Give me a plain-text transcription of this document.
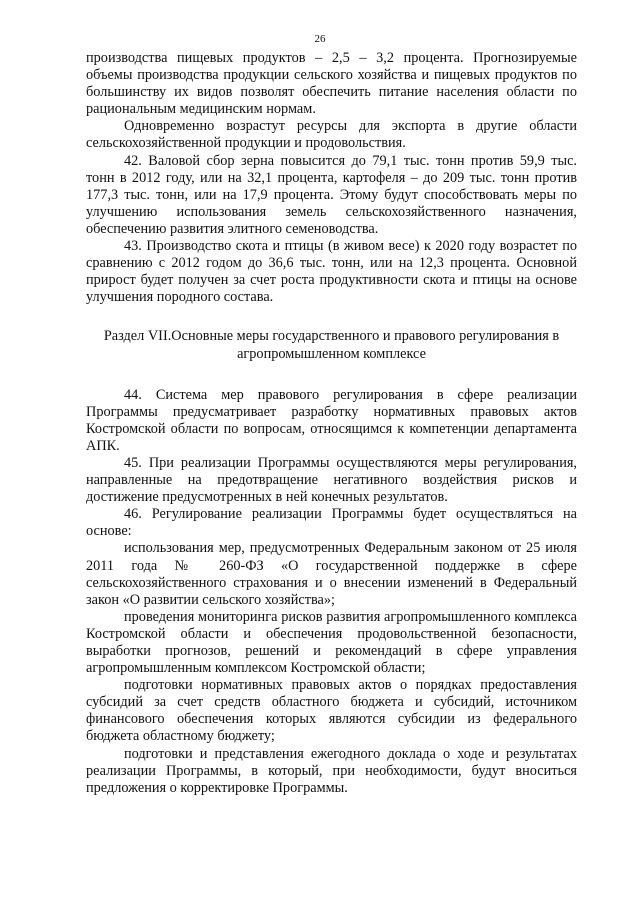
26

производства пищевых продуктов – 2,5 – 3,2 процента. Прогнозируемые объемы производства продукции сельского хозяйства и пищевых продуктов по большинству их видов позволят обеспечить питание населения области по рациональным медицинским нормам.

Одновременно возрастут ресурсы для экспорта в другие области сельскохозяйственной продукции и продовольствия.

42. Валовой сбор зерна повысится до 79,1 тыс. тонн против 59,9 тыс. тонн в 2012 году, или на 32,1 процента, картофеля – до 209 тыс. тонн против 177,3 тыс. тонн, или на 17,9 процента. Этому будут способствовать меры по улучшению использования земель сельскохозяйственного назначения, обеспечению развития элитного семеноводства.

43. Производство скота и птицы (в живом весе) к 2020 году возрастет по сравнению с 2012 годом до 36,6 тыс. тонн, или на 12,3 процента. Основной прирост будет получен за счет роста продуктивности скота и птицы на основе улучшения породного состава.

Раздел VII.Основные меры государственного и правового регулирования в агропромышленном комплексе

44. Система мер правового регулирования в сфере реализации Программы предусматривает разработку нормативных правовых актов Костромской области по вопросам, относящимся к компетенции департамента АПК.

45. При реализации Программы осуществляются меры регулирования, направленные на предотвращение негативного воздействия рисков и достижение предусмотренных в ней конечных результатов.

46. Регулирование реализации Программы будет осуществляться на основе:

использования мер, предусмотренных Федеральным законом от 25 июля 2011 года № 260-ФЗ «О государственной поддержке в сфере сельскохозяйственного страхования и о внесении изменений в Федеральный закон «О развитии сельского хозяйства»;

проведения мониторинга рисков развития агропромышленного комплекса Костромской области и обеспечения продовольственной безопасности, выработки прогнозов, решений и рекомендаций в сфере управления агропромышленным комплексом Костромской области;

подготовки нормативных правовых актов о порядках предоставления субсидий за счет средств областного бюджета и субсидий, источником финансового обеспечения которых являются субсидии из федерального бюджета областному бюджету;

подготовки и представления ежегодного доклада о ходе и результатах реализации Программы, в который, при необходимости, будут вноситься предложения о корректировке Программы.
